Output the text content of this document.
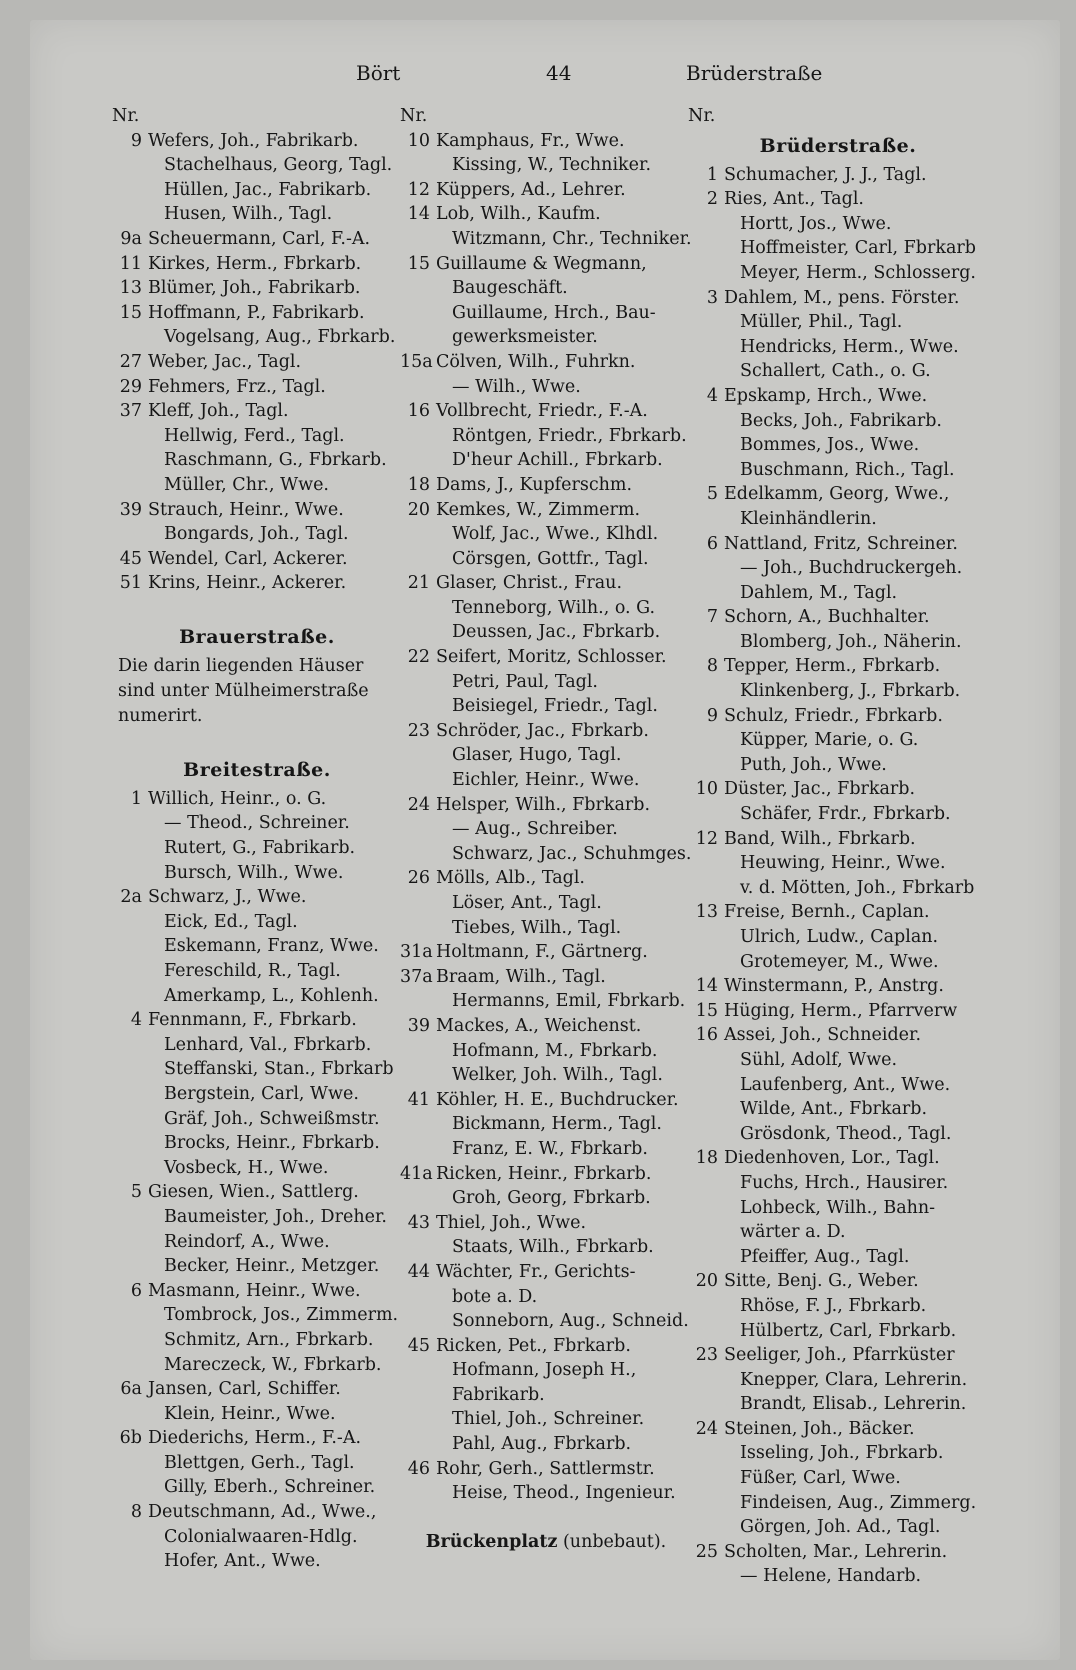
Bört	44	Brüderstraße
Nr.
9 Wefers, Joh., Fabrikarb.
Stachelhaus, Georg, Tagl.
Hüllen, Jac., Fabrikarb.
Husen, Wilh., Tagl.
9a Scheuermann, Carl, F.-A.
11 Kirkes, Herm., Fbrkarb.
13 Blümer, Joh., Fabrikarb.
15 Hoffmann, P., Fabrikarb.
Vogelsang, Aug., Fbrkarb.
27 Weber, Jac., Tagl.
29 Fehmers, Frz., Tagl.
37 Kleff, Joh., Tagl.
Hellwig, Ferd., Tagl.
Raschmann, G., Fbrkarb.
Müller, Chr., Wwe.
39 Strauch, Heinr., Wwe.
Bongards, Joh., Tagl.
45 Wendel, Carl, Ackerer.
51 Krins, Heinr., Ackerer.
Brauerstraße.
Die darin liegenden Häuser
sind unter Mülheimerstraße
numerirt.
Breitestraße.
1 Willich, Heinr., o. G.
— Theod., Schreiner.
Rutert, G., Fabrikarb.
Bursch, Wilh., Wwe.
2a Schwarz, J., Wwe.
Eick, Ed., Tagl.
Eskemann, Franz, Wwe.
Fereschild, R., Tagl.
Amerkamp, L., Kohlenh.
4 Fennmann, F., Fbrkarb.
Lenhard, Val., Fbrkarb.
Steffanski, Stan., Fbrkarb
Bergstein, Carl, Wwe.
Gräf, Joh., Schweißmstr.
Brocks, Heinr., Fbrkarb.
Vosbeck, H., Wwe.
5 Giesen, Wien., Sattlerg.
Baumeister, Joh., Dreher.
Reindorf, A., Wwe.
Becker, Heinr., Metzger.
6 Masmann, Heinr., Wwe.
Tombrock, Jos., Zimmerm.
Schmitz, Arn., Fbrkarb.
Mareczeck, W., Fbrkarb.
6a Jansen, Carl, Schiffer.
Klein, Heinr., Wwe.
6b Diederichs, Herm., F.-A.
Blettgen, Gerh., Tagl.
Gilly, Eberh., Schreiner.
8 Deutschmann, Ad., Wwe.,
Colonialwaaren-Hdlg.
Hofer, Ant., Wwe.
Nr.
10 Kamphaus, Fr., Wwe.
Kissing, W., Techniker.
12 Küppers, Ad., Lehrer.
14 Lob, Wilh., Kaufm.
Witzmann, Chr., Techniker.
15 Guillaume & Wegmann,
Baugeschäft.
Guillaume, Hrch., Bau-
gewerksmeister.
15a Cölven, Wilh., Fuhrkn.
— Wilh., Wwe.
16 Vollbrecht, Friedr., F.-A.
Röntgen, Friedr., Fbrkarb.
D'heur Achill., Fbrkarb.
18 Dams, J., Kupferschm.
20 Kemkes, W., Zimmerm.
Wolf, Jac., Wwe., Klhdl.
Cörsgen, Gottfr., Tagl.
21 Glaser, Christ., Frau.
Tenneborg, Wilh., o. G.
Deussen, Jac., Fbrkarb.
22 Seifert, Moritz, Schlosser.
Petri, Paul, Tagl.
Beisiegel, Friedr., Tagl.
23 Schröder, Jac., Fbrkarb.
Glaser, Hugo, Tagl.
Eichler, Heinr., Wwe.
24 Helsper, Wilh., Fbrkarb.
— Aug., Schreiber.
Schwarz, Jac., Schuhmges.
26 Mölls, Alb., Tagl.
Löser, Ant., Tagl.
Tiebes, Wilh., Tagl.
31a Holtmann, F., Gärtnerg.
37a Braam, Wilh., Tagl.
Hermanns, Emil, Fbrkarb.
39 Mackes, A., Weichenst.
Hofmann, M., Fbrkarb.
Welker, Joh. Wilh., Tagl.
41 Köhler, H. E., Buchdrucker.
Bickmann, Herm., Tagl.
Franz, E. W., Fbrkarb.
41a Ricken, Heinr., Fbrkarb.
Groh, Georg, Fbrkarb.
43 Thiel, Joh., Wwe.
Staats, Wilh., Fbrkarb.
44 Wächter, Fr., Gerichts-
bote a. D.
Sonneborn, Aug., Schneid.
45 Ricken, Pet., Fbrkarb.
Hofmann, Joseph H.,
Fabrikarb.
Thiel, Joh., Schreiner.
Pahl, Aug., Fbrkarb.
46 Rohr, Gerh., Sattlermstr.
Heise, Theod., Ingenieur.
Brückenplatz (unbebaut).
Nr.
Brüderstraße.
1 Schumacher, J. J., Tagl.
2 Ries, Ant., Tagl.
Hortt, Jos., Wwe.
Hoffmeister, Carl, Fbrkarb
Meyer, Herm., Schlosserg.
3 Dahlem, M., pens. Förster.
Müller, Phil., Tagl.
Hendricks, Herm., Wwe.
Schallert, Cath., o. G.
4 Epskamp, Hrch., Wwe.
Becks, Joh., Fabrikarb.
Bommes, Jos., Wwe.
Buschmann, Rich., Tagl.
5 Edelkamm, Georg, Wwe.,
Kleinhändlerin.
6 Nattland, Fritz, Schreiner.
— Joh., Buchdruckergeh.
Dahlem, M., Tagl.
7 Schorn, A., Buchhalter.
Blomberg, Joh., Näherin.
8 Tepper, Herm., Fbrkarb.
Klinkenberg, J., Fbrkarb.
9 Schulz, Friedr., Fbrkarb.
Küpper, Marie, o. G.
Puth, Joh., Wwe.
10 Düster, Jac., Fbrkarb.
Schäfer, Frdr., Fbrkarb.
12 Band, Wilh., Fbrkarb.
Heuwing, Heinr., Wwe.
v. d. Mötten, Joh., Fbrkarb
13 Freise, Bernh., Caplan.
Ulrich, Ludw., Caplan.
Grotemeyer, M., Wwe.
14 Winstermann, P., Anstrg.
15 Hüging, Herm., Pfarrverw
16 Assei, Joh., Schneider.
Sühl, Adolf, Wwe.
Laufenberg, Ant., Wwe.
Wilde, Ant., Fbrkarb.
Grösdonk, Theod., Tagl.
18 Diedenhoven, Lor., Tagl.
Fuchs, Hrch., Hausirer.
Lohbeck, Wilh., Bahn-
wärter a. D.
Pfeiffer, Aug., Tagl.
20 Sitte, Benj. G., Weber.
Rhöse, F. J., Fbrkarb.
Hülbertz, Carl, Fbrkarb.
23 Seeliger, Joh., Pfarrküster
Knepper, Clara, Lehrerin.
Brandt, Elisab., Lehrerin.
24 Steinen, Joh., Bäcker.
Isseling, Joh., Fbrkarb.
Füßer, Carl, Wwe.
Findeisen, Aug., Zimmerg.
Görgen, Joh. Ad., Tagl.
25 Scholten, Mar., Lehrerin.
— Helene, Handarb.
